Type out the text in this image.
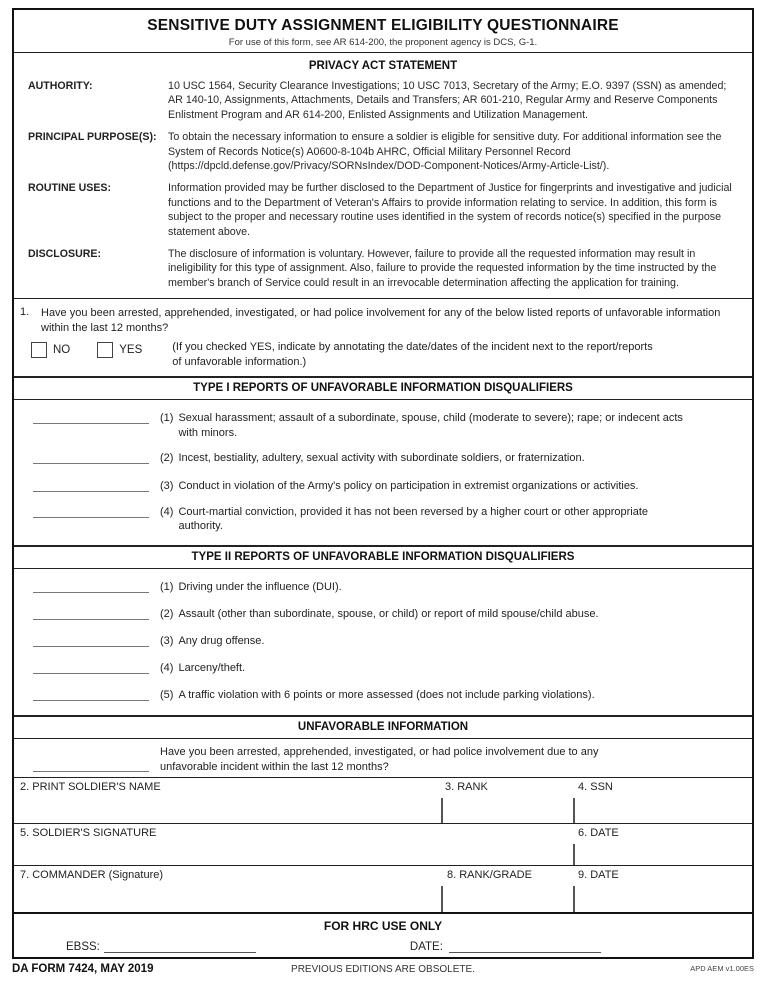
SENSITIVE DUTY ASSIGNMENT ELIGIBILITY QUESTIONNAIRE
For use of this form, see AR 614-200, the proponent agency is DCS, G-1.
PRIVACY ACT STATEMENT
AUTHORITY:	10 USC 1564, Security Clearance Investigations; 10 USC 7013, Secretary of the Army; E.O. 9397 (SSN) as amended; AR 140-10, Assignments, Attachments, Details and Transfers; AR 601-210, Regular Army and Reserve Components Enlistment Program and AR 614-200, Enlisted Assignments and Utilization Management.
PRINCIPAL PURPOSE(S):	To obtain the necessary information to ensure a soldier is eligible for sensitive duty. For additional information see the System of Records Notice(s) A0600-8-104b AHRC, Official Military Personnel Record (https://dpcld.defense.gov/Privacy/SORNsIndex/DOD-Component-Notices/Army-Article-List/).
ROUTINE USES:	Information provided may be further disclosed to the Department of Justice for fingerprints and investigative and judicial functions and to the Department of Veteran's Affairs to provide information relating to service. In addition, this form is subject to the proper and necessary routine uses identified in the system of records notice(s) specified in the purpose statement above.
DISCLOSURE:	The disclosure of information is voluntary. However, failure to provide all the requested information may result in ineligibility for this type of assignment. Also, failure to provide the requested information by the time instructed by the member's branch of Service could result in an irrevocable determination affecting the application for training.
1.	Have you been arrested, apprehended, investigated, or had police involvement for any of the below listed reports of unfavorable information within the last 12 months?
NO	YES	(If you checked YES, indicate by annotating the date/dates of the incident next to the report/reports of unfavorable information.)
TYPE I REPORTS OF UNFAVORABLE INFORMATION DISQUALIFIERS
(1) Sexual harassment; assault of a subordinate, spouse, child (moderate to severe); rape; or indecent acts with minors.
(2) Incest, bestiality, adultery, sexual activity with subordinate soldiers, or fraternization.
(3) Conduct in violation of the Army's policy on participation in extremist organizations or activities.
(4) Court-martial conviction, provided it has not been reversed by a higher court or other appropriate authority.
TYPE II REPORTS OF UNFAVORABLE INFORMATION DISQUALIFIERS
(1) Driving under the influence (DUI).
(2) Assault (other than subordinate, spouse, or child) or report of mild spouse/child abuse.
(3) Any drug offense.
(4) Larceny/theft.
(5) A traffic violation with 6 points or more assessed (does not include parking violations).
UNFAVORABLE INFORMATION
Have you been arrested, apprehended, investigated, or had police involvement due to any unfavorable incident within the last 12 months?
2. PRINT SOLDIER'S NAME	3. RANK	4. SSN
5. SOLDIER'S SIGNATURE	6. DATE
7. COMMANDER (Signature)	8. RANK/GRADE	9. DATE
FOR HRC USE ONLY
EBSS:	DATE:
DA FORM 7424, MAY 2019	PREVIOUS EDITIONS ARE OBSOLETE.	APD AEM v1.00ES
